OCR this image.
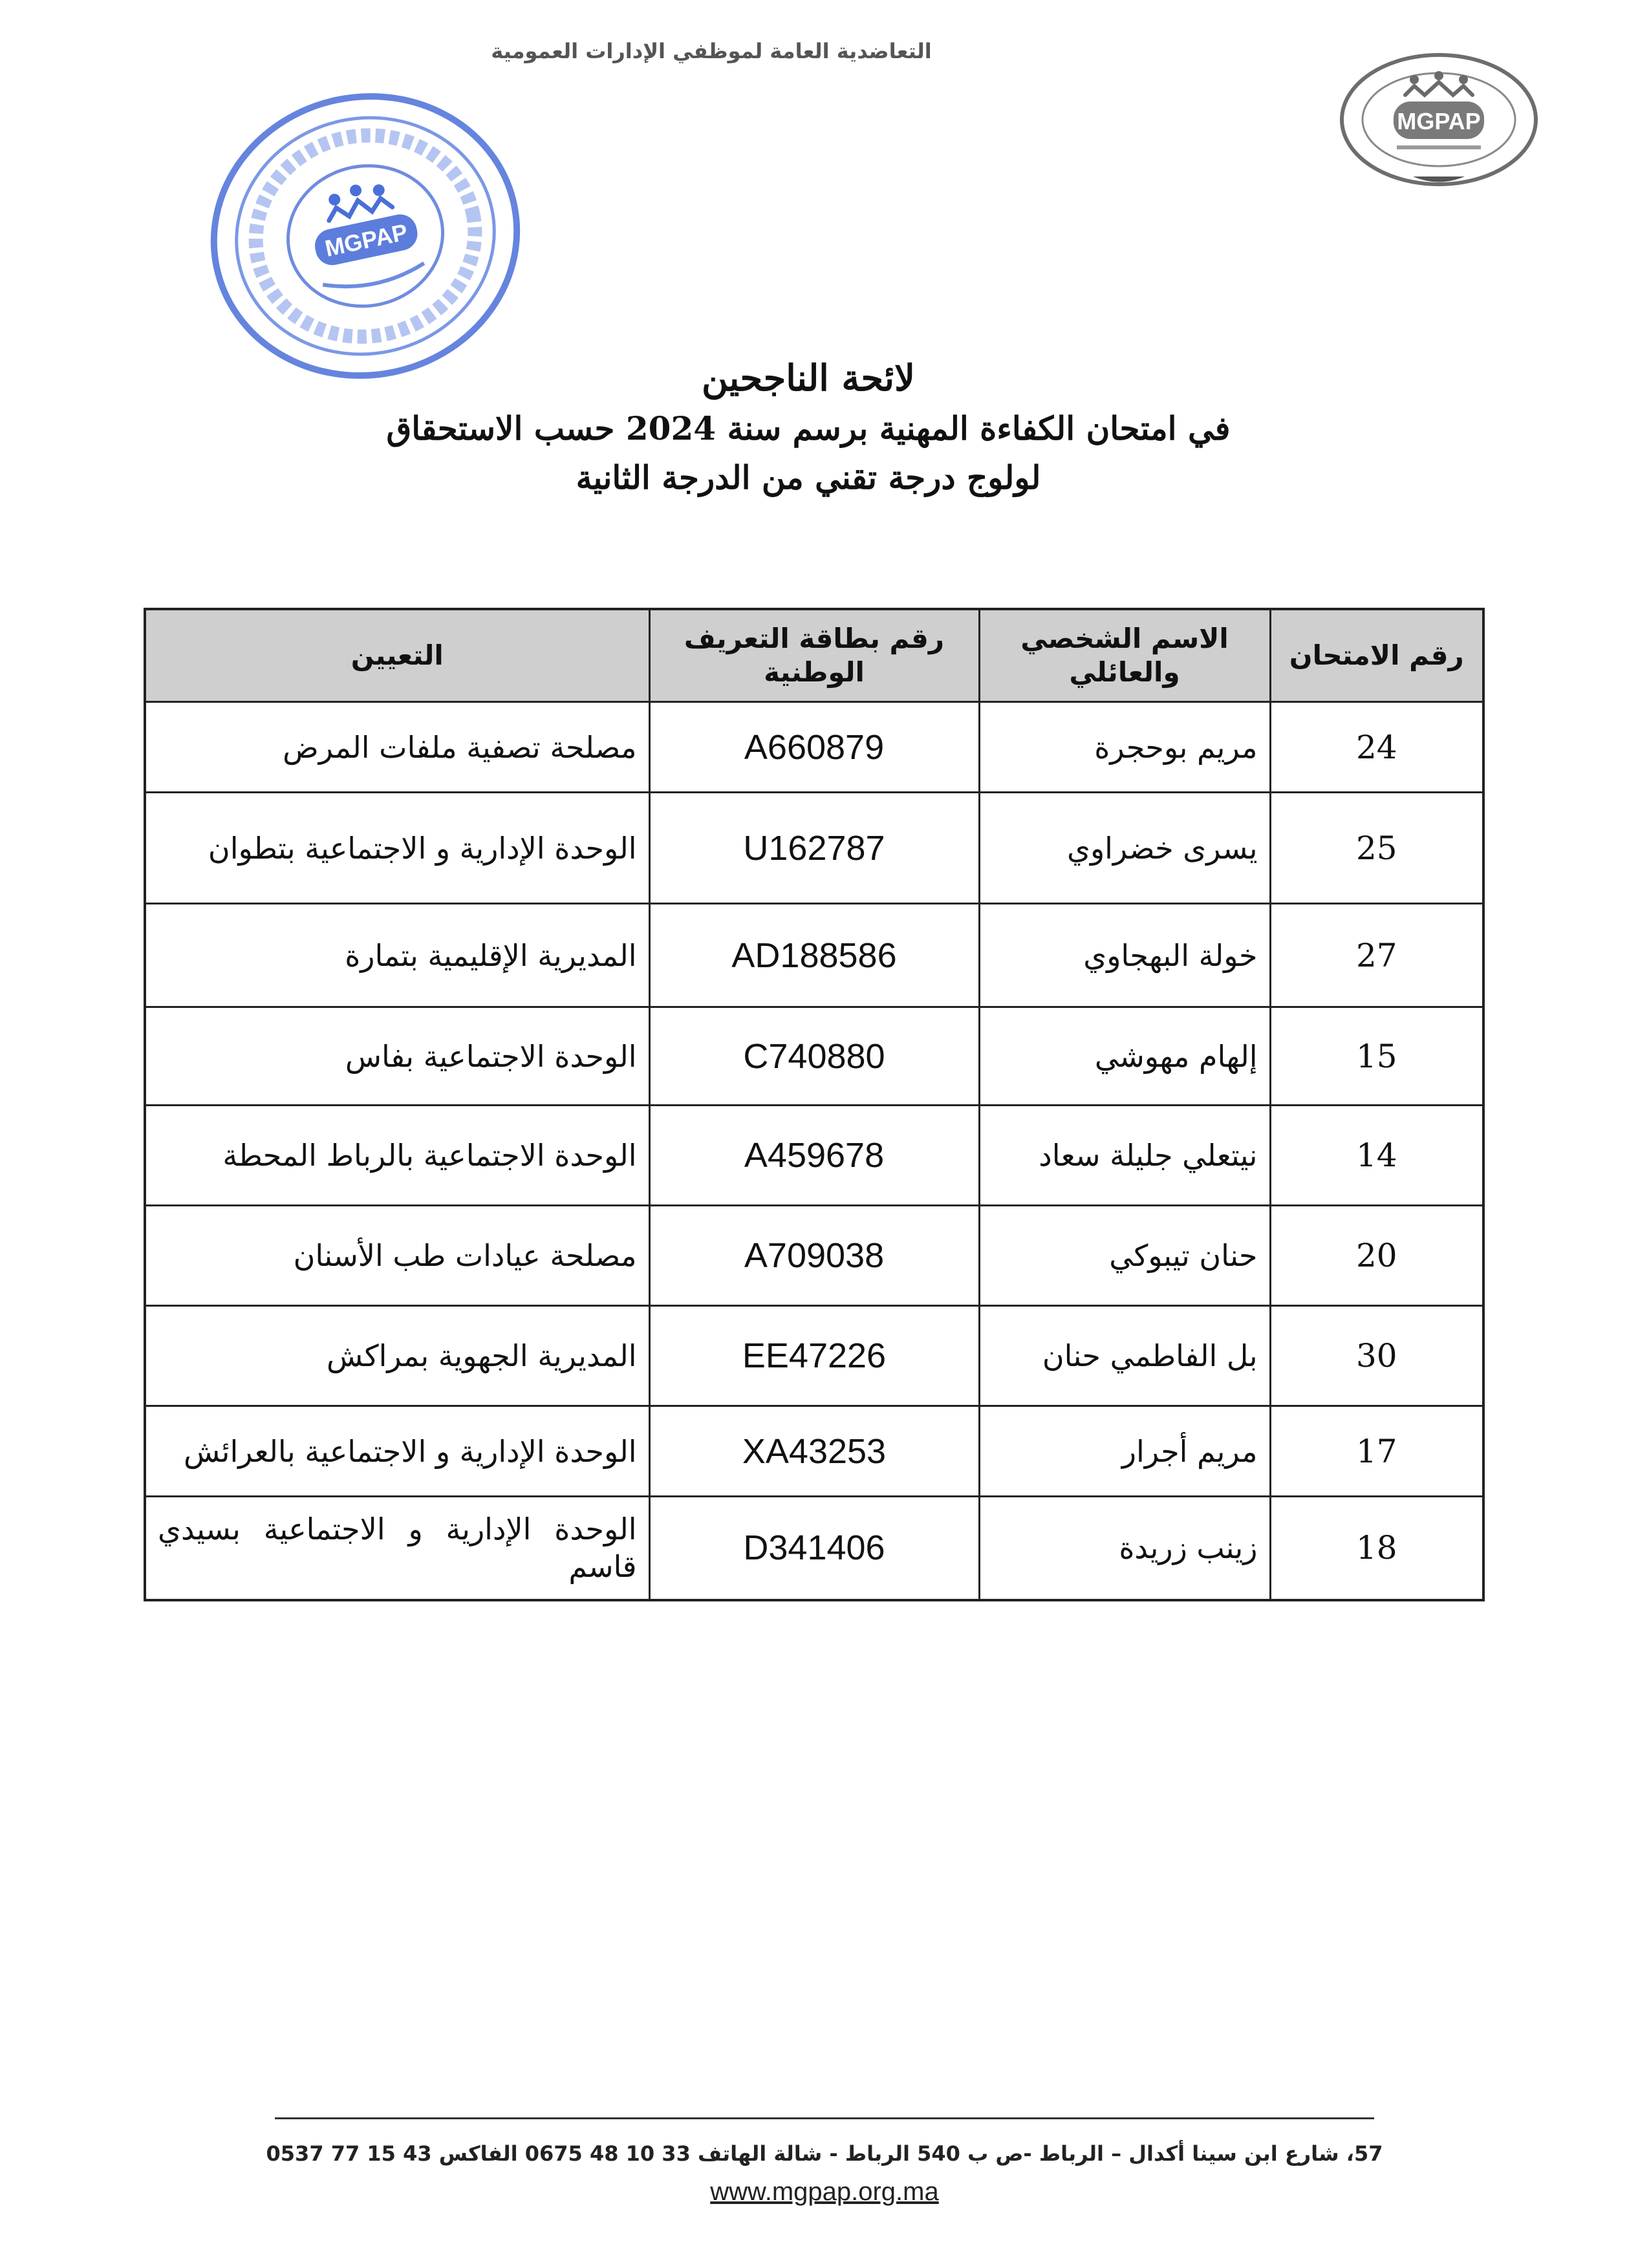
التعاضدية العامة لموظفي الإدارات العمومية
MGPAP
MGPAP
لائحة الناجحين
في امتحان الكفاءة المهنية برسم سنة 2024 حسب الاستحقاق
لولوج درجة تقني من الدرجة الثانية
رقم الامتحان	الاسم الشخصي والعائلي	رقم بطاقة التعريف الوطنية	التعيين
24	مريم بوحجرة	A660879	مصلحة تصفية ملفات المرض
25	يسرى خضراوي	U162787	الوحدة الإدارية و الاجتماعية بتطوان
27	خولة البهجاوي	AD188586	المديرية الإقليمية بتمارة
15	إلهام مهوشي	C740880	الوحدة الاجتماعية بفاس
14	نيتعلي جليلة سعاد	A459678	الوحدة الاجتماعية بالرباط المحطة
20	حنان تيبوكي	A709038	مصلحة عيادات طب الأسنان
30	بل الفاطمي حنان	EE47226	المديرية الجهوية بمراكش
17	مريم أجرار	XA43253	الوحدة الإدارية و الاجتماعية بالعرائش
18	زينب زريدة	D341406	الوحدة الإدارية و الاجتماعية بسيدي قاسم
57، شارع ابن سينا أكدال – الرباط -ص ب 540 الرباط - شالة الهاتف 33 10 48 0675 الفاكس 43 15 77 0537
www.mgpap.org.ma
